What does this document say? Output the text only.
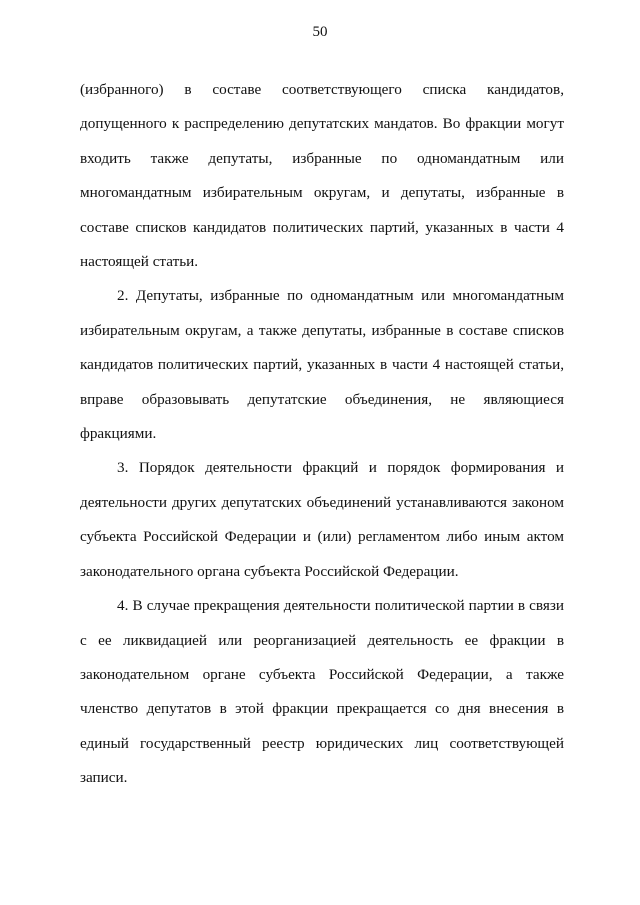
50

(избранного) в составе соответствующего списка кандидатов, допущенного к распределению депутатских мандатов. Во фракции могут входить также депутаты, избранные по одномандатным или многомандатным избирательным округам, и депутаты, избранные в составе списков кандидатов политических партий, указанных в части 4 настоящей статьи.

2. Депутаты, избранные по одномандатным или многомандатным избирательным округам, а также депутаты, избранные в составе списков кандидатов политических партий, указанных в части 4 настоящей статьи, вправе образовывать депутатские объединения, не являющиеся фракциями.

3. Порядок деятельности фракций и порядок формирования и деятельности других депутатских объединений устанавливаются законом субъекта Российской Федерации и (или) регламентом либо иным актом законодательного органа субъекта Российской Федерации.

4. В случае прекращения деятельности политической партии в связи с ее ликвидацией или реорганизацией деятельность ее фракции в законодательном органе субъекта Российской Федерации, а также членство депутатов в этой фракции прекращается со дня внесения в единый государственный реестр юридических лиц соответствующей записи.
